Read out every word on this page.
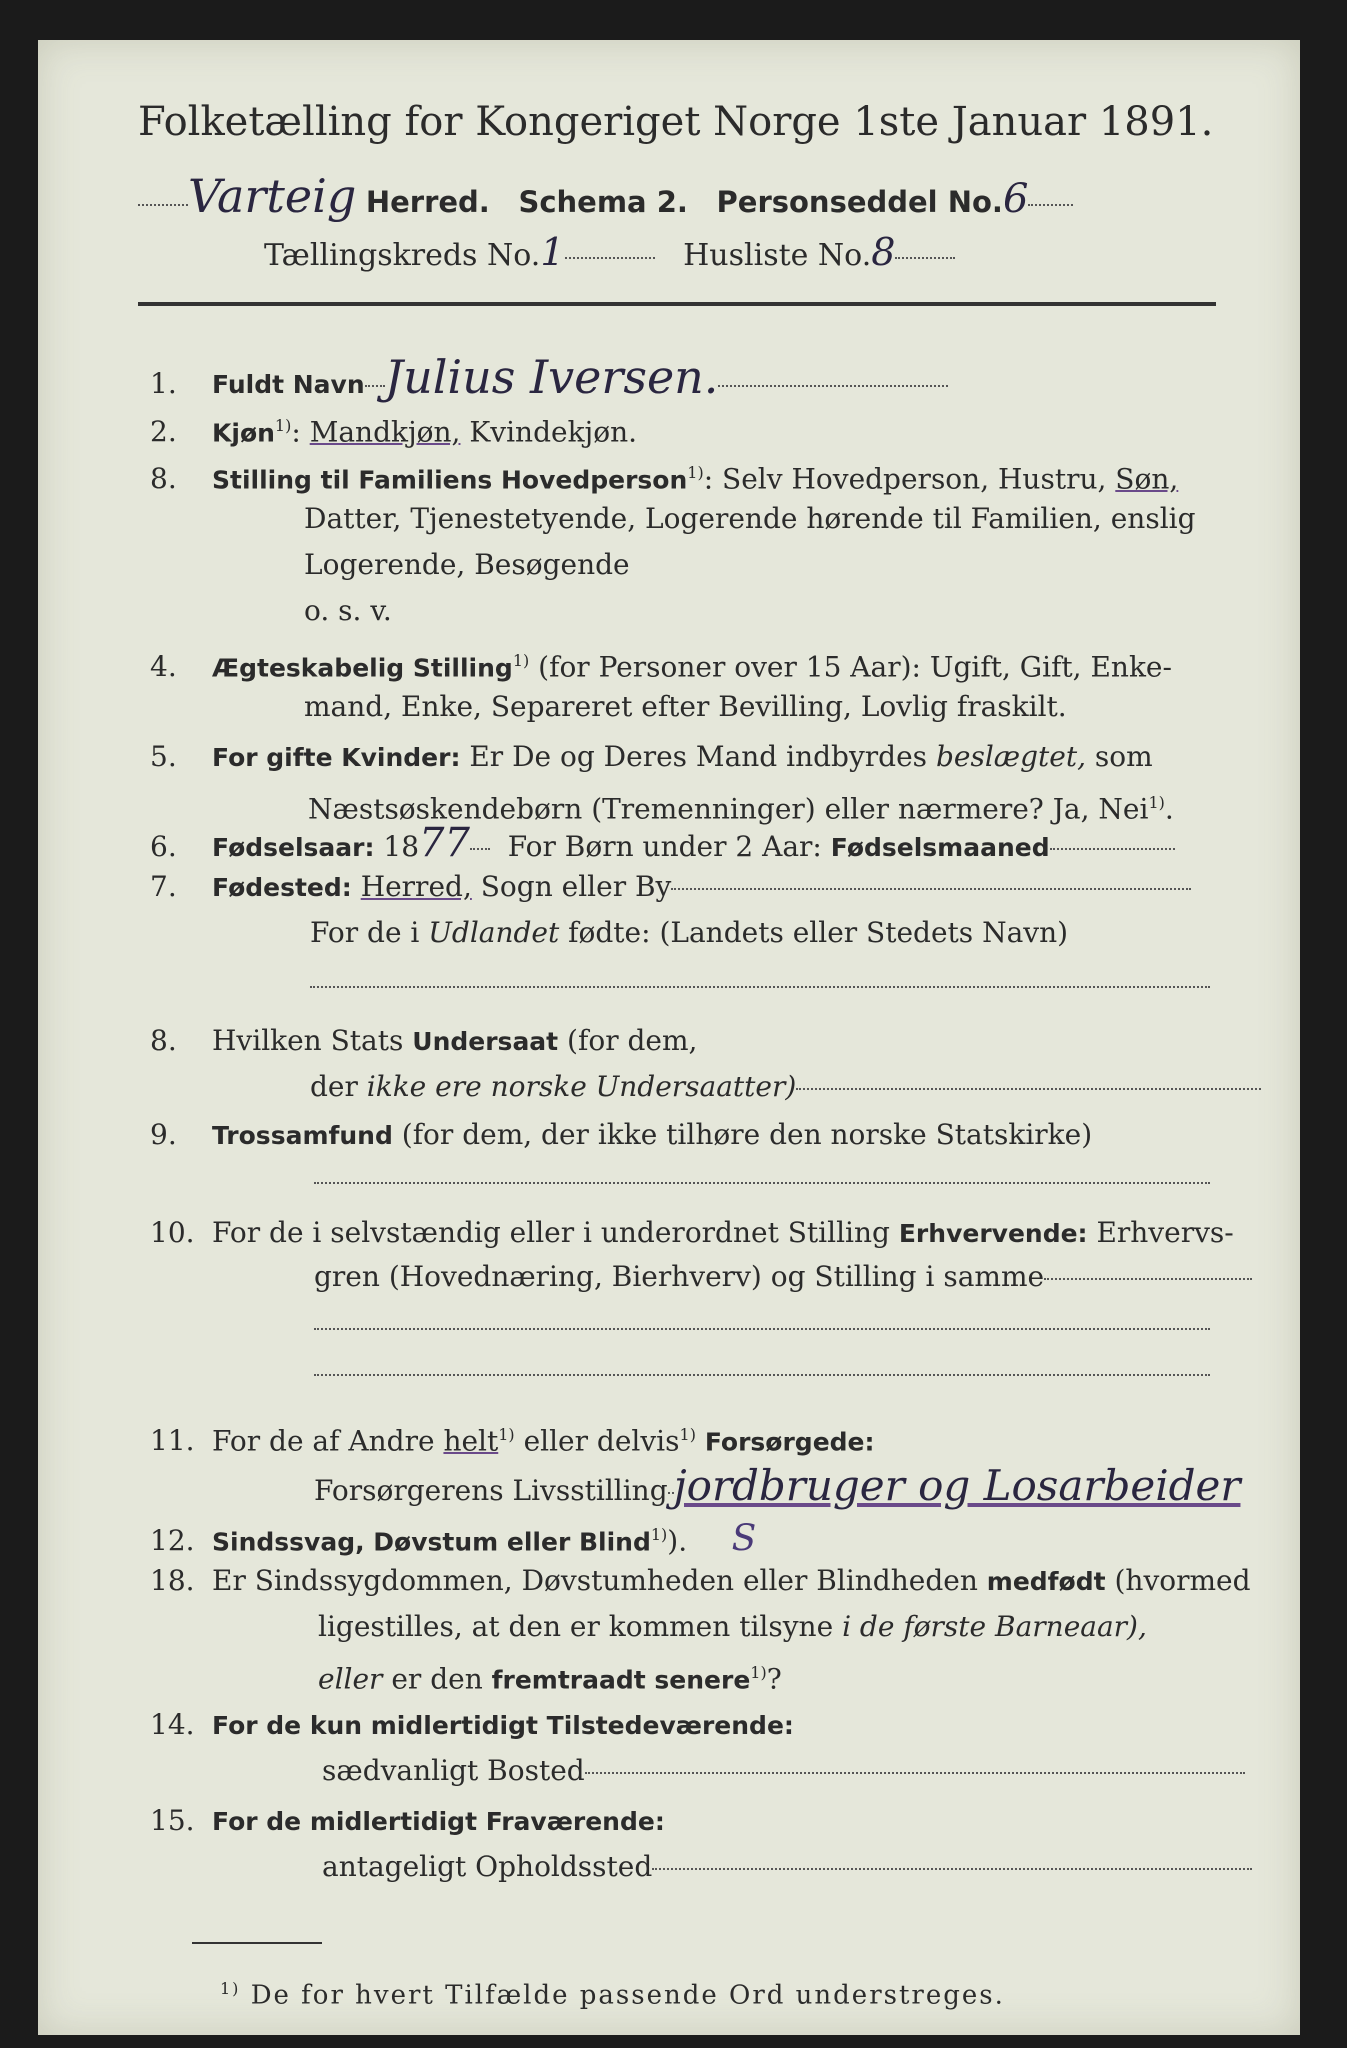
Folketælling for Kongeriget Norge 1ste Januar 1891.
Varteig Herred. Schema 2. Personseddel No.6
Tællingskreds No.1	Husliste No.8
1. Fuldt Navn Julius Iversen.
2. Kjøn$^{1)}$: Mandkjøn, Kvindekjøn.
8. Stilling til Familiens Hovedperson$^{1)}$: Selv Hovedperson, Hustru, Søn,
Datter, Tjenestetyende, Logerende hørende til Familien, enslig
Logerende, Besøgende
o. s. v.
4. Ægteskabelig Stilling$^{1)}$ (for Personer over 15 Aar): Ugift, Gift, Enke-
mand, Enke, Separeret efter Bevilling, Lovlig fraskilt.
5. For gifte Kvinder: Er De og Deres Mand indbyrdes beslægtet, som
Næstsøskendebørn (Tremenninger) eller nærmere? Ja, Nei$^{1)}$.
6. Fødselsaar: 1877 For Børn under 2 Aar: Fødselsmaaned
7. Fødested: Herred, Sogn eller By
For de i Udlandet fødte: (Landets eller Stedets Navn)
8. Hvilken Stats Undersaat (for dem,
der ikke ere norske Undersaatter)
9. Trossamfund (for dem, der ikke tilhøre den norske Statskirke)
10. For de i selvstændig eller i underordnet Stilling Erhvervende: Erhvervs-
gren (Hovednæring, Bierhverv) og Stilling i samme
11. For de af Andre helt$^{1)}$ eller delvis$^{1)}$ Forsørgede:
Forsørgerens Livsstilling jordbruger og Losarbeider
12. Sindssvag, Døvstum eller Blind$^{1)}$).     S
18. Er Sindssygdommen, Døvstumheden eller Blindheden medfødt (hvormed
ligestilles, at den er kommen tilsyne i de første Barneaar),
eller er den fremtraadt senere$^{1)}$?
14. For de kun midlertidigt Tilstedeværende:
sædvanligt Bosted
15. For de midlertidigt Fraværende:
antageligt Opholdssted
$^{1)}$ De for hvert Tilfælde passende Ord understreges.
